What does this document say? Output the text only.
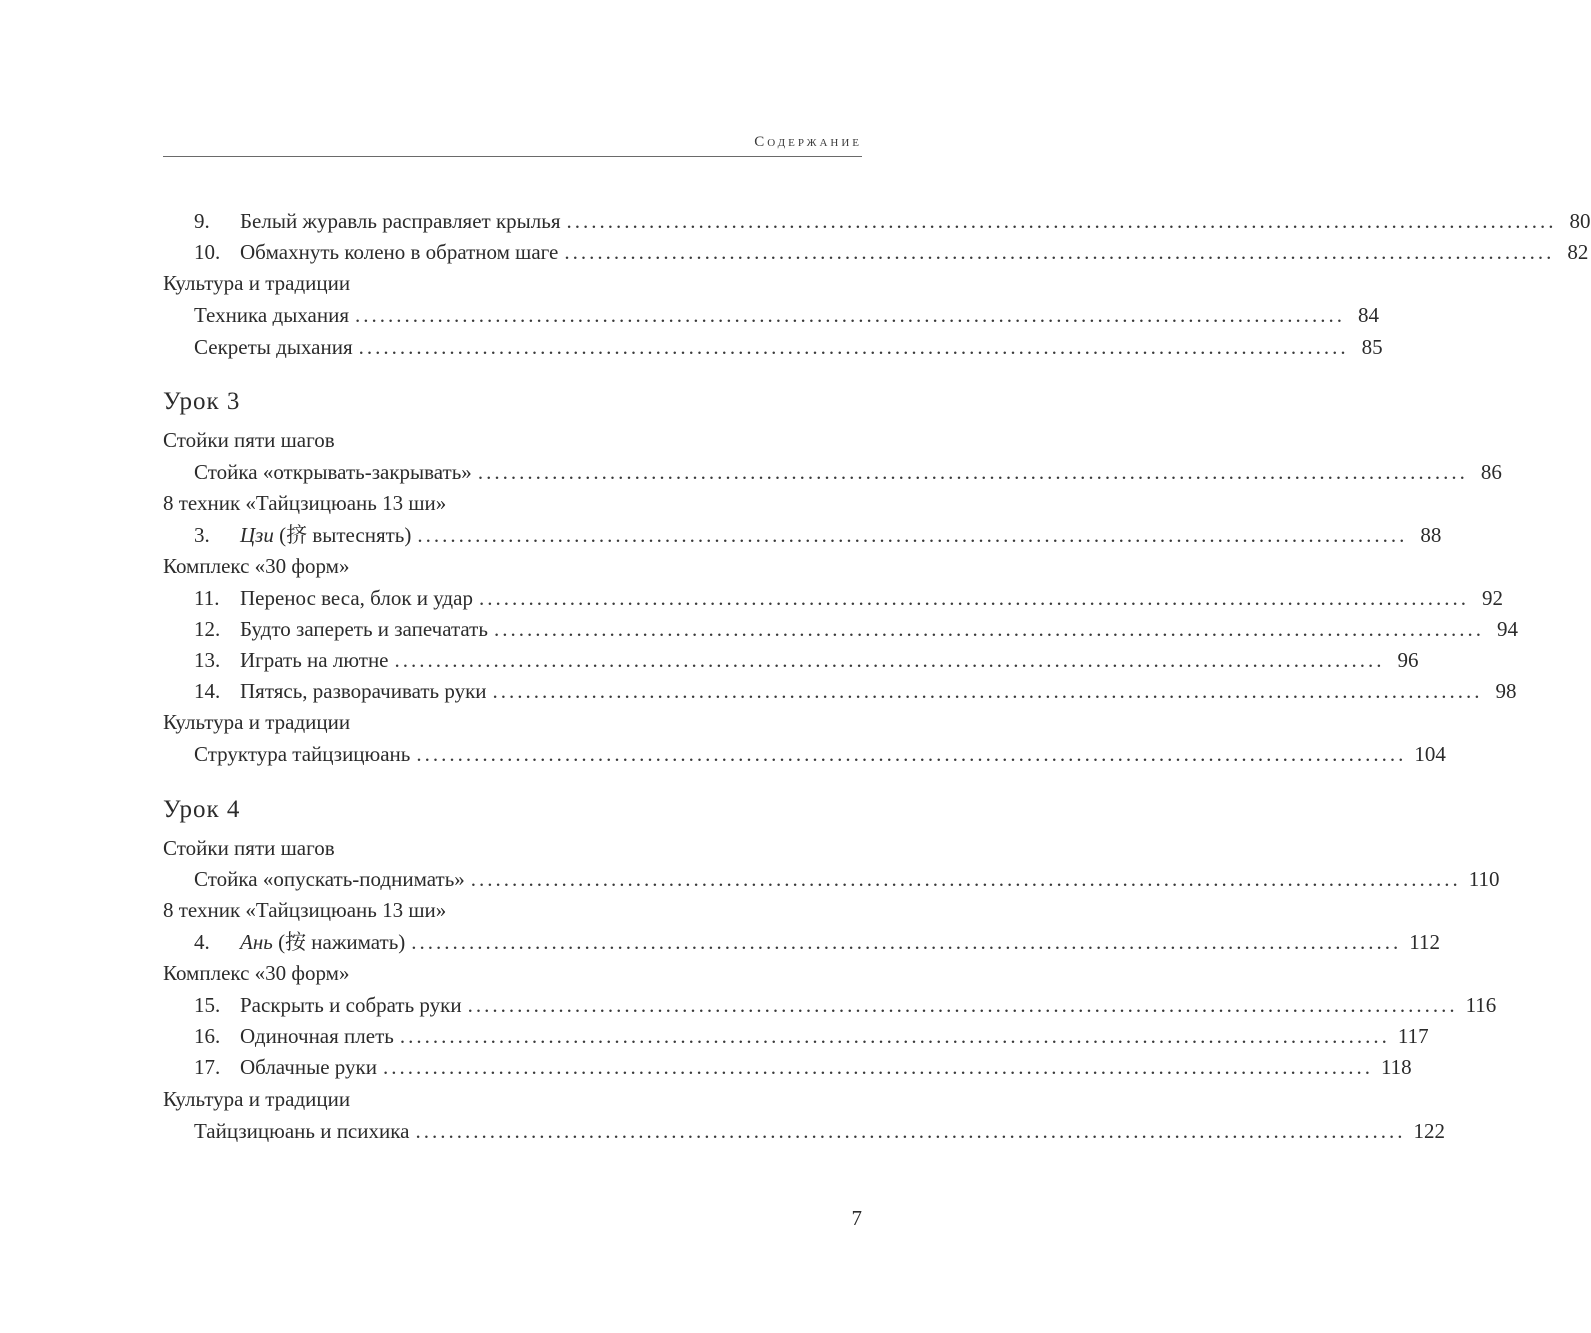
Содержание
9.	Белый журавль расправляет крылья ........................................................................................................................ 80
10. Обмахнуть колено в обратном шаге ........................................................................................................................ 82
Культура и традиции
Техника дыхания ........................................................................................................................ 84
Секреты дыхания ........................................................................................................................ 85
Урок 3
Стойки пяти шагов
Стойка «открывать-закрывать» ........................................................................................................................ 86
8 техник «Тайцзицюань 13 ши»
3.	Цзи (挤 вытеснять) ........................................................................................................................ 88
Комплекс «30 форм»
11. Перенос веса, блок и удар ........................................................................................................................ 92
12. Будто запереть и запечатать ........................................................................................................................ 94
13. Играть на лютне ........................................................................................................................ 96
14. Пятясь, разворачивать руки ........................................................................................................................ 98
Культура и традиции
Структура тайцзицюань ........................................................................................................................ 104
Урок 4
Стойки пяти шагов
Стойка «опускать-поднимать» ........................................................................................................................ 110
8 техник «Тайцзицюань 13 ши»
4.	Ань (按 нажимать) ........................................................................................................................ 112
Комплекс «30 форм»
15. Раскрыть и собрать руки ........................................................................................................................ 116
16. Одиночная плеть ........................................................................................................................ 117
17. Облачные руки ........................................................................................................................ 118
Культура и традиции
Тайцзицюань и психика ........................................................................................................................ 122
7
